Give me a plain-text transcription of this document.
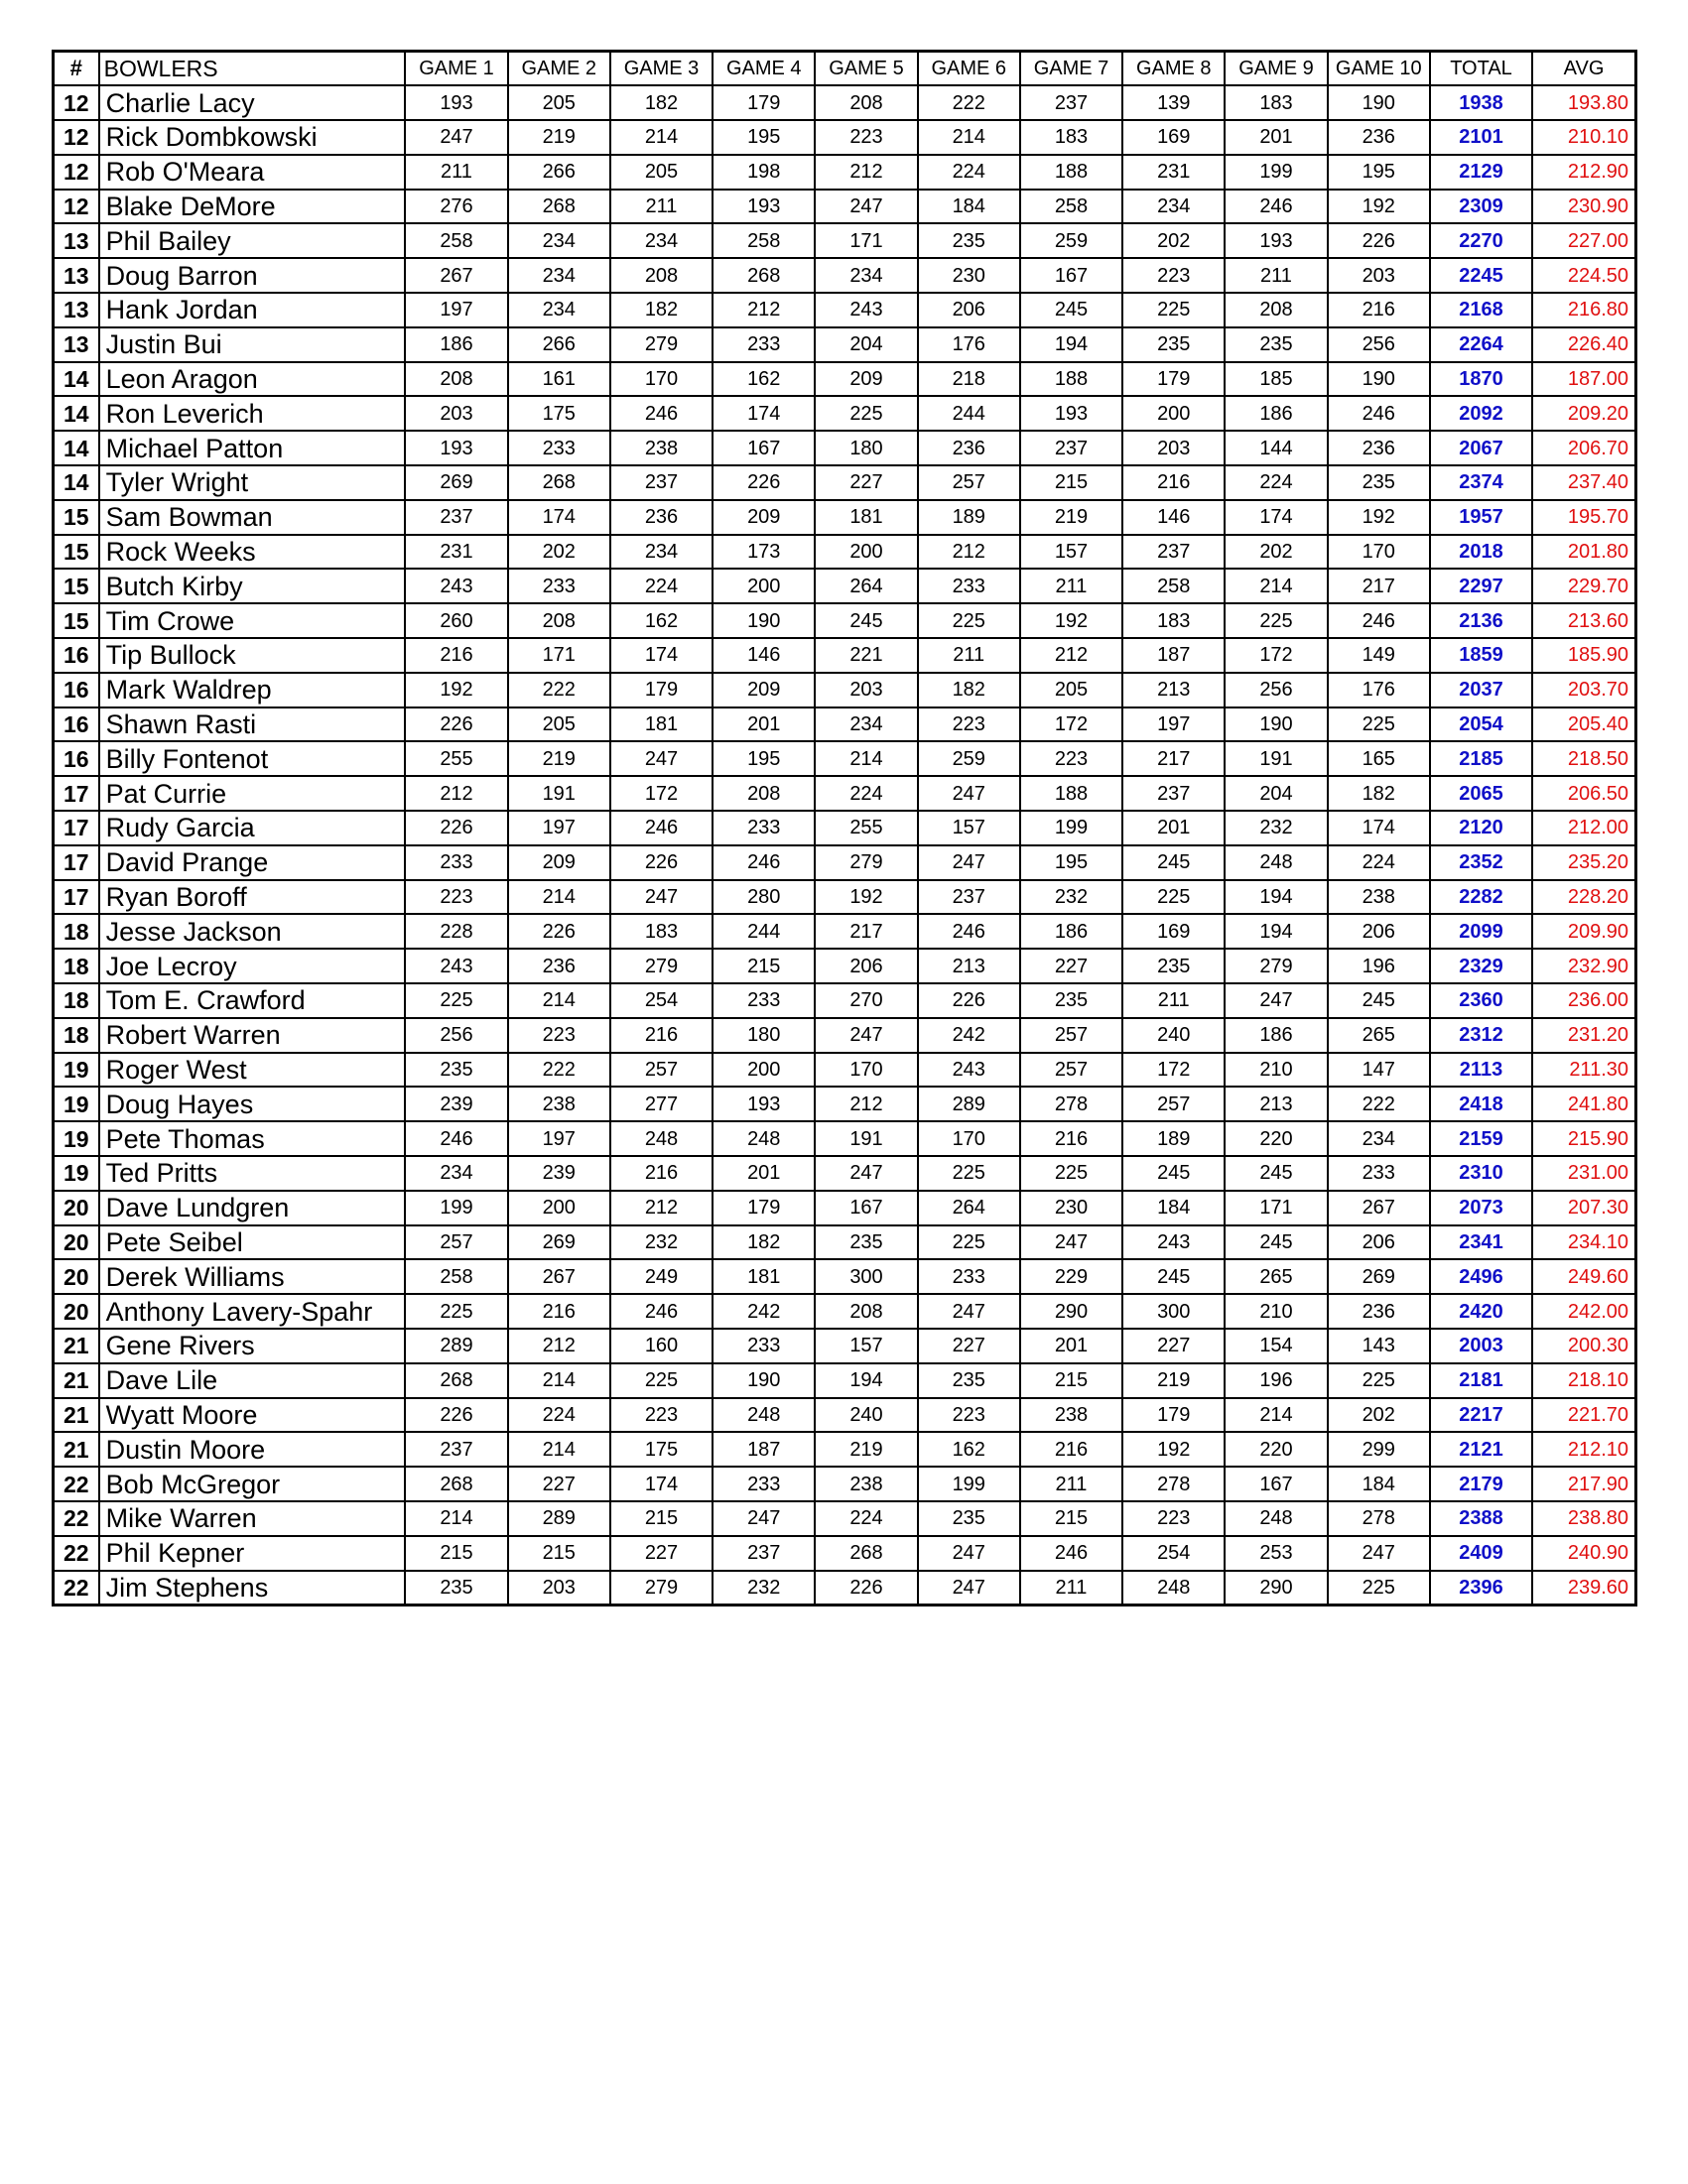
#	BOWLERS	GAME 1	GAME 2	GAME 3	GAME 4	GAME 5	GAME 6	GAME 7	GAME 8	GAME 9	GAME 10	TOTAL	AVG
12	Charlie Lacy	193	205	182	179	208	222	237	139	183	190	1938	193.80
12	Rick Dombkowski	247	219	214	195	223	214	183	169	201	236	2101	210.10
12	Rob O'Meara	211	266	205	198	212	224	188	231	199	195	2129	212.90
12	Blake DeMore	276	268	211	193	247	184	258	234	246	192	2309	230.90
13	Phil Bailey	258	234	234	258	171	235	259	202	193	226	2270	227.00
13	Doug Barron	267	234	208	268	234	230	167	223	211	203	2245	224.50
13	Hank Jordan	197	234	182	212	243	206	245	225	208	216	2168	216.80
13	Justin Bui	186	266	279	233	204	176	194	235	235	256	2264	226.40
14	Leon Aragon	208	161	170	162	209	218	188	179	185	190	1870	187.00
14	Ron Leverich	203	175	246	174	225	244	193	200	186	246	2092	209.20
14	Michael Patton	193	233	238	167	180	236	237	203	144	236	2067	206.70
14	Tyler Wright	269	268	237	226	227	257	215	216	224	235	2374	237.40
15	Sam Bowman	237	174	236	209	181	189	219	146	174	192	1957	195.70
15	Rock Weeks	231	202	234	173	200	212	157	237	202	170	2018	201.80
15	Butch Kirby	243	233	224	200	264	233	211	258	214	217	2297	229.70
15	Tim Crowe	260	208	162	190	245	225	192	183	225	246	2136	213.60
16	Tip Bullock	216	171	174	146	221	211	212	187	172	149	1859	185.90
16	Mark Waldrep	192	222	179	209	203	182	205	213	256	176	2037	203.70
16	Shawn Rasti	226	205	181	201	234	223	172	197	190	225	2054	205.40
16	Billy Fontenot	255	219	247	195	214	259	223	217	191	165	2185	218.50
17	Pat Currie	212	191	172	208	224	247	188	237	204	182	2065	206.50
17	Rudy Garcia	226	197	246	233	255	157	199	201	232	174	2120	212.00
17	David Prange	233	209	226	246	279	247	195	245	248	224	2352	235.20
17	Ryan Boroff	223	214	247	280	192	237	232	225	194	238	2282	228.20
18	Jesse Jackson	228	226	183	244	217	246	186	169	194	206	2099	209.90
18	Joe Lecroy	243	236	279	215	206	213	227	235	279	196	2329	232.90
18	Tom E. Crawford	225	214	254	233	270	226	235	211	247	245	2360	236.00
18	Robert Warren	256	223	216	180	247	242	257	240	186	265	2312	231.20
19	Roger West	235	222	257	200	170	243	257	172	210	147	2113	211.30
19	Doug Hayes	239	238	277	193	212	289	278	257	213	222	2418	241.80
19	Pete Thomas	246	197	248	248	191	170	216	189	220	234	2159	215.90
19	Ted Pritts	234	239	216	201	247	225	225	245	245	233	2310	231.00
20	Dave Lundgren	199	200	212	179	167	264	230	184	171	267	2073	207.30
20	Pete Seibel	257	269	232	182	235	225	247	243	245	206	2341	234.10
20	Derek Williams	258	267	249	181	300	233	229	245	265	269	2496	249.60
20	Anthony Lavery-Spahr	225	216	246	242	208	247	290	300	210	236	2420	242.00
21	Gene Rivers	289	212	160	233	157	227	201	227	154	143	2003	200.30
21	Dave Lile	268	214	225	190	194	235	215	219	196	225	2181	218.10
21	Wyatt Moore	226	224	223	248	240	223	238	179	214	202	2217	221.70
21	Dustin Moore	237	214	175	187	219	162	216	192	220	299	2121	212.10
22	Bob McGregor	268	227	174	233	238	199	211	278	167	184	2179	217.90
22	Mike Warren	214	289	215	247	224	235	215	223	248	278	2388	238.80
22	Phil Kepner	215	215	227	237	268	247	246	254	253	247	2409	240.90
22	Jim Stephens	235	203	279	232	226	247	211	248	290	225	2396	239.60
